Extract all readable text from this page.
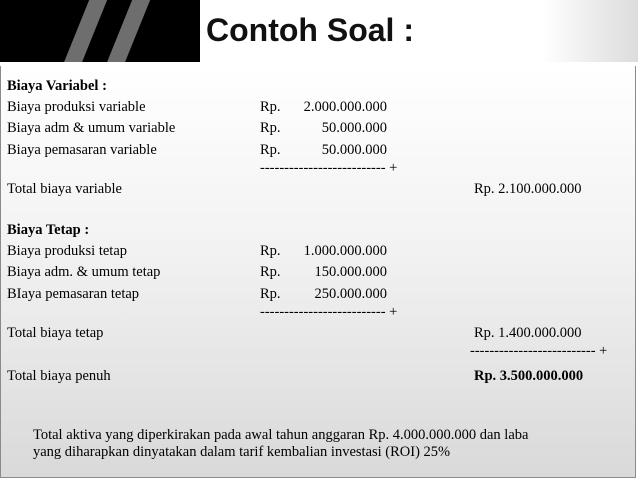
Contoh Soal :
Biaya Variabel :
Biaya produksi variable	Rp.	2.000.000.000
Biaya adm & umum variable	Rp.	50.000.000
Biaya pemasaran variable	Rp.	50.000.000
-------------------------- +
Total biaya variable	Rp. 2.100.000.000
Biaya Tetap :
Biaya produksi tetap	Rp.	1.000.000.000
Biaya adm. & umum tetap	Rp.	150.000.000
BIaya pemasaran tetap	Rp.	250.000.000
-------------------------- +
Total biaya tetap	Rp. 1.400.000.000
-------------------------- +
Total biaya penuh	Rp. 3.500.000.000
Total aktiva yang diperkirakan pada awal tahun anggaran Rp. 4.000.000.000 dan laba
yang diharapkan dinyatakan dalam tarif kembalian investasi (ROI) 25%
